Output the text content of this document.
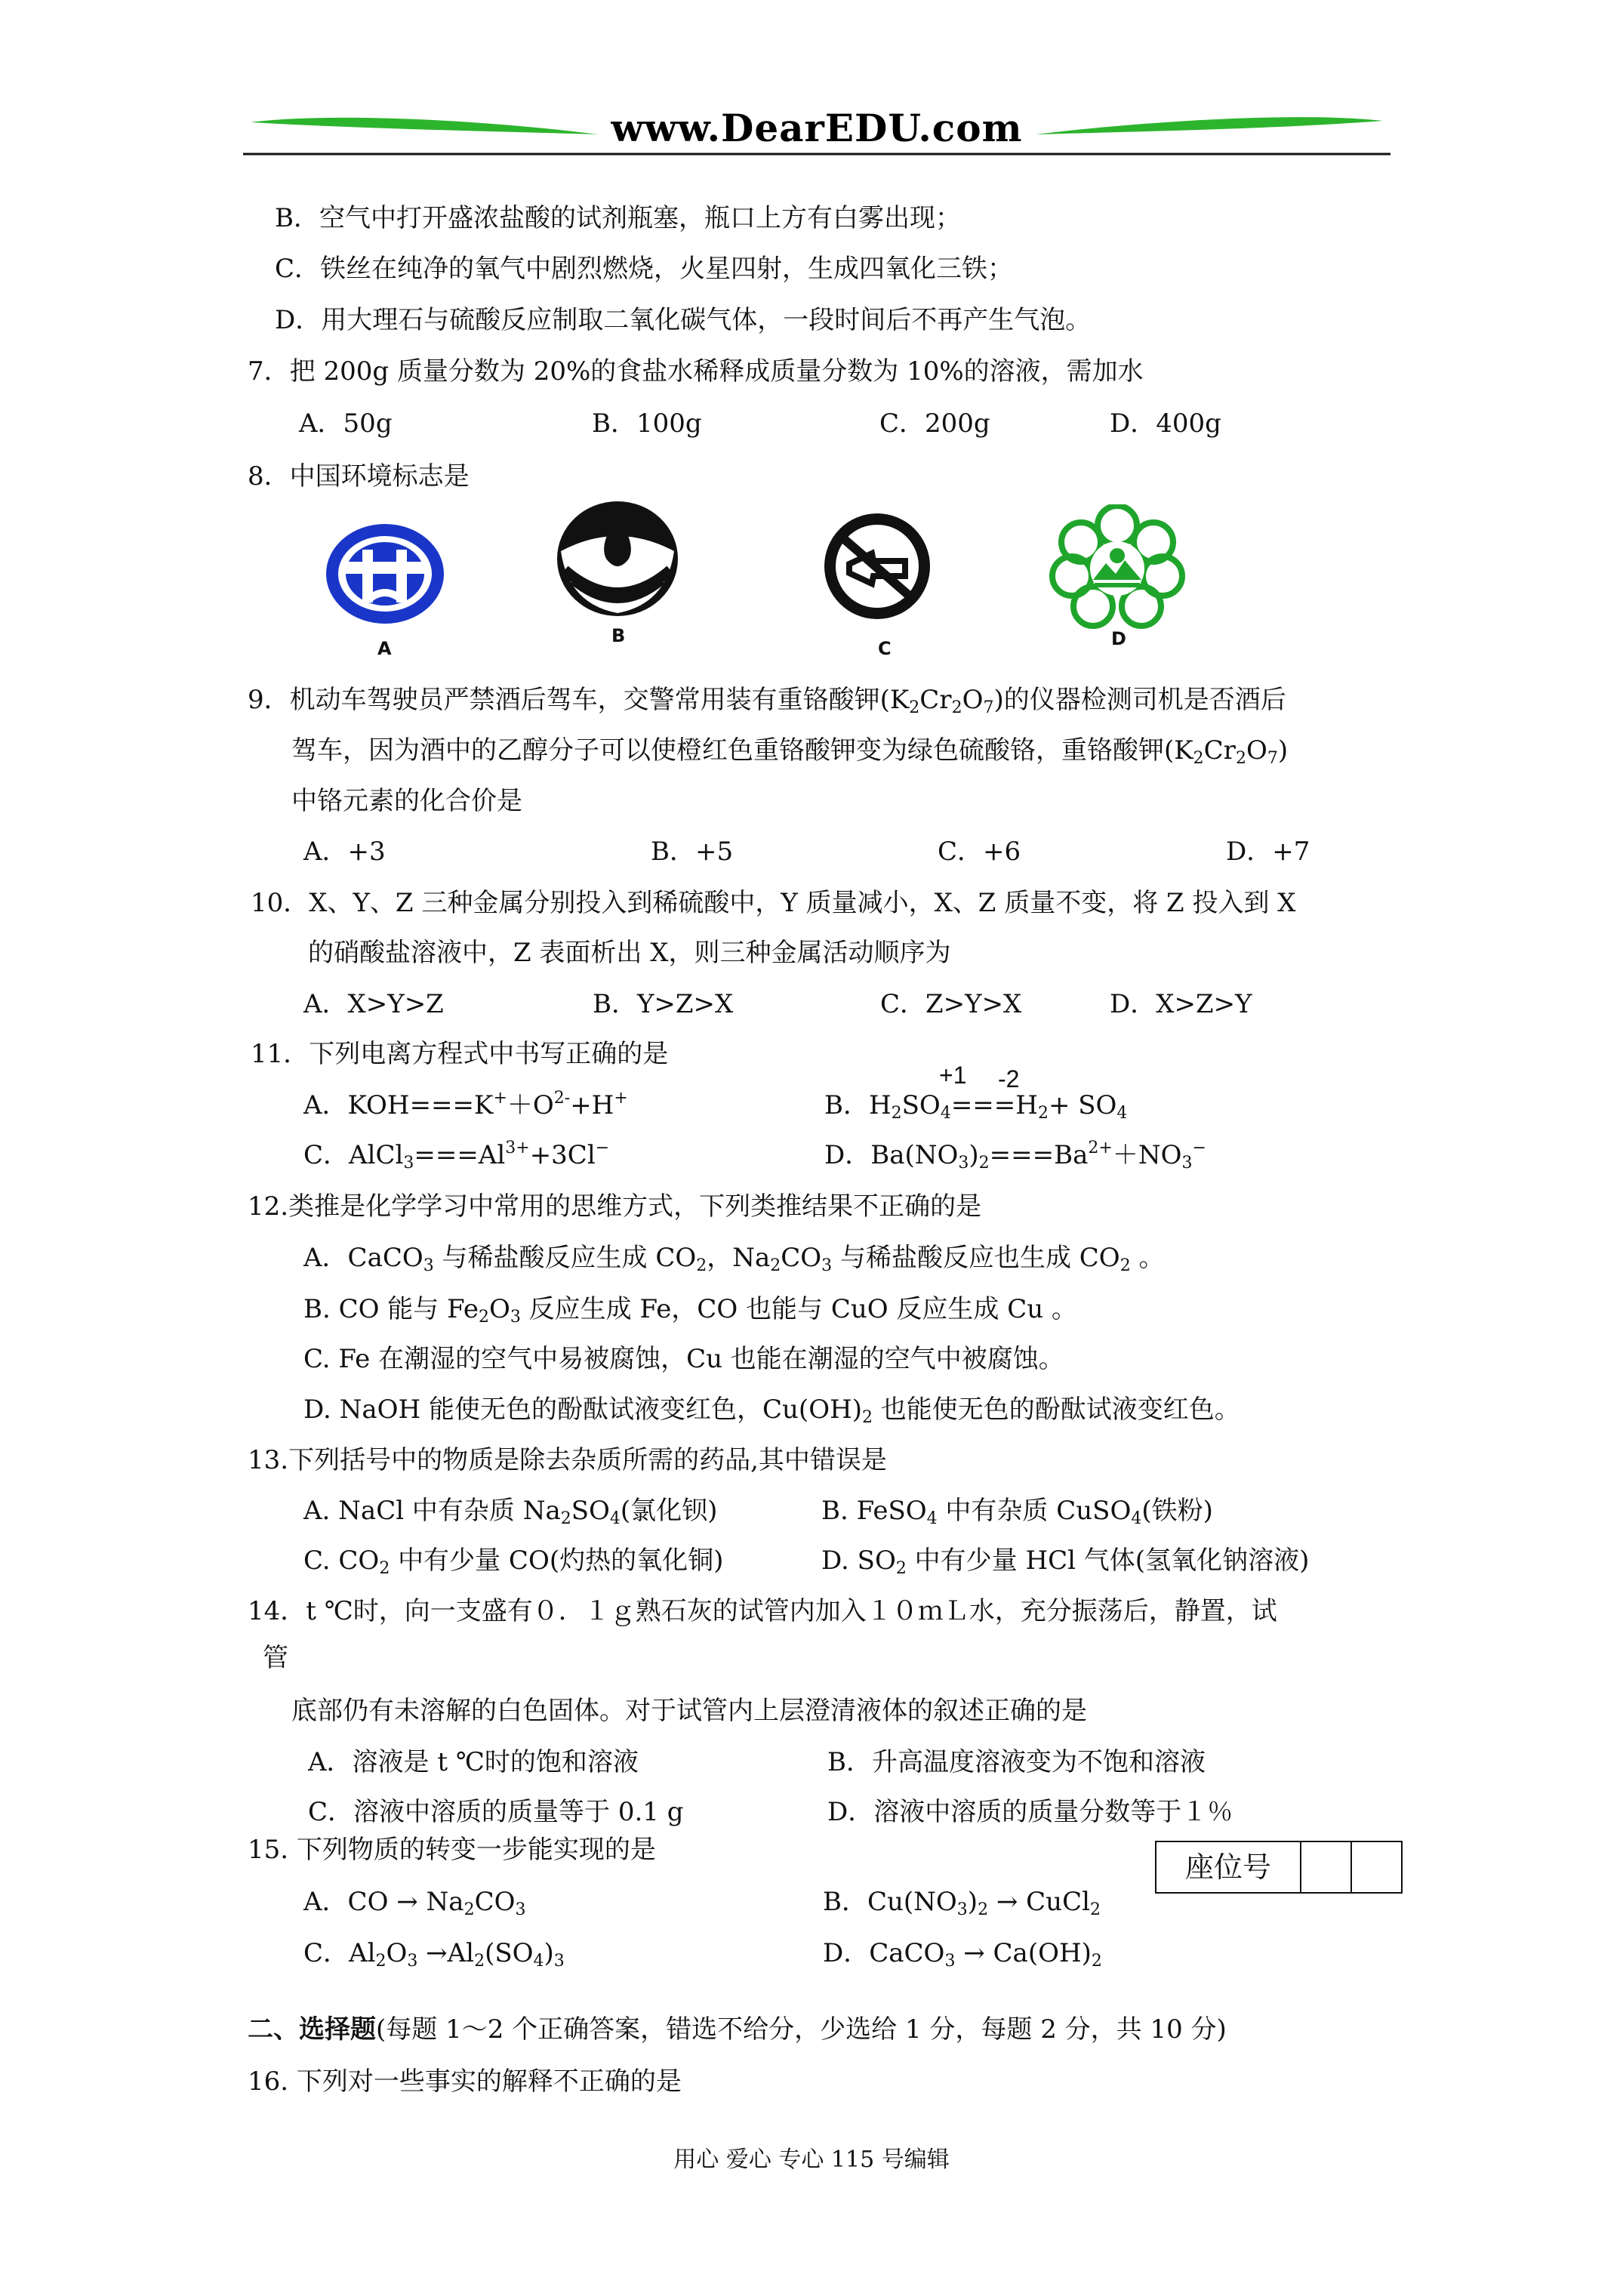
www.DearEDU.com
B．空气中打开盛浓盐酸的试剂瓶塞，瓶口上方有白雾出现；
C．铁丝在纯净的氧气中剧烈燃烧，火星四射，生成四氧化三铁；
D．用大理石与硫酸反应制取二氧化碳气体，一段时间后不再产生气泡。
7．把 200g 质量分数为 20%的食盐水稀释成质量分数为 10%的溶液，需加水
A．50g	B．100g	C．200g	D．400g
8．中国环境标志是
A
B
C	D
9．机动车驾驶员严禁酒后驾车，交警常用装有重铬酸钾$(K_2Cr_2O_7)$的仪器检测司机是否酒后
驾车，因为酒中的乙醇分子可以使橙红色重铬酸钾变为绿色硫酸铬，重铬酸钾$(K_2Cr_2O_7)$
中铬元素的化合价是
A．+3	B．+5	C．+6	D．+7
10．X、Y、Z 三种金属分别投入到稀硫酸中，Y 质量减小，X、Z 质量不变，将 Z 投入到 X
的硝酸盐溶液中，Z 表面析出 X，则三种金属活动顺序为
A．X>Y>Z	B．Y>Z>X	C．Z>Y>X	D．X>Z>Y
11．下列电离方程式中书写正确的是
+1 -2
A．$KOH===K^++O^{2-}+H^+$	B．$H_2SO_4===H_2+ SO_4$
C．$AlCl_3===Al^{3+}+3Cl^-$	D．$Ba(NO_3)_2===Ba^{2+}+NO_3^-$
12.类推是化学学习中常用的思维方式，下列类推结果不正确的是
A．CaCO$_3$ 与稀盐酸反应生成 $CO_2$，$Na_2CO_3$ 与稀盐酸反应也生成 $CO_2$ 。
B. CO 能与 $Fe_2O_3$ 反应生成 Fe，CO 也能与 CuO 反应生成 Cu 。
C. Fe 在潮湿的空气中易被腐蚀，Cu 也能在潮湿的空气中被腐蚀。
D. NaOH 能使无色的酚酞试液变红色，$Cu(OH)_2$ 也能使无色的酚酞试液变红色。
13.下列括号中的物质是除去杂质所需的药品,其中错误是
A. NaCl 中有杂质 $Na_2SO_4$(氯化钡)	B. FeSO$_4$ 中有杂质 CuSO$_4$(铁粉)
C. $CO_2$ 中有少量 CO(灼热的氧化铜)	D. $SO_2$ 中有少量 HCl 气体(氢氧化钠溶液)
14．t ℃时，向一支盛有０．１ｇ熟石灰的试管内加入１０ｍＬ水，充分振荡后，静置，试
管
底部仍有未溶解的白色固体。对于试管内上层澄清液体的叙述正确的是
A．溶液是 t ℃时的饱和溶液	B．升高温度溶液变为不饱和溶液
C．溶液中溶质的质量等于 0.1 g	D．溶液中溶质的质量分数等于１％
15. 下列物质的转变一步能实现的是
A．CO → $Na_2CO_3$	B．$Cu(NO_3)_2$ → CuCl$_2$
C．$Al_2O_3 \to Al_2(SO_4)_3$	D．CaCO$_3$ → $Ca(OH)_2$
座位号
二、选择题(每题 1～2 个正确答案，错选不给分，少选给 1 分，每题 2 分，共 10 分)
16. 下列对一些事实的解释不正确的是
用心 爱心 专心 115 号编辑
